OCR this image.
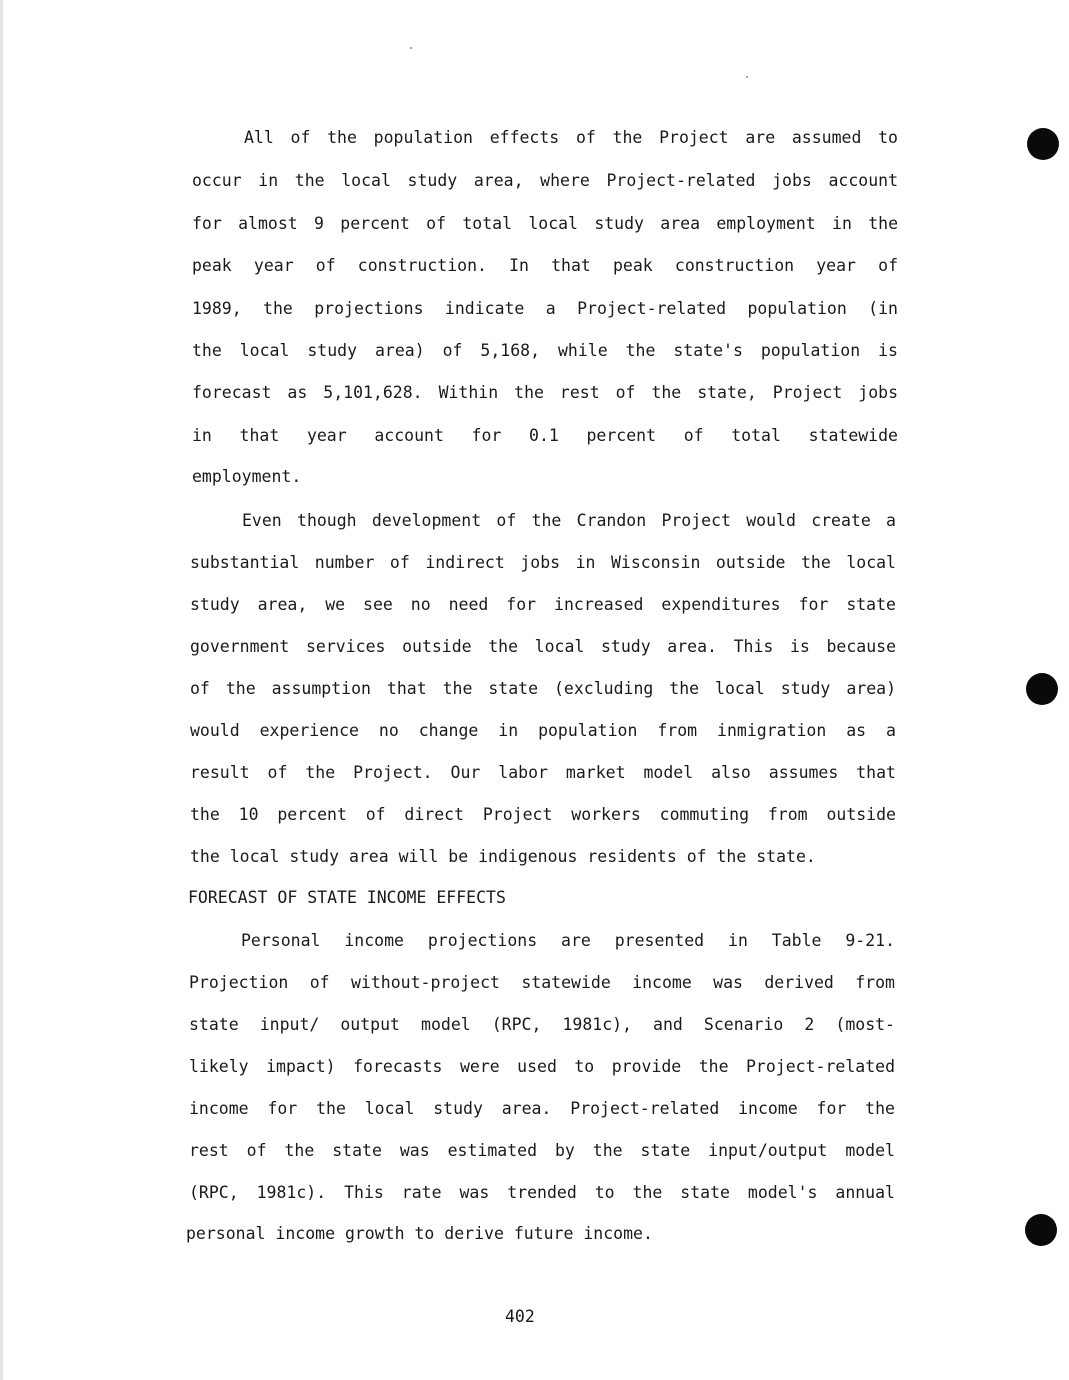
All of the population effects of the Project are assumed to
occur in the local study area, where Project-related jobs account
for almost 9 percent of total local study area employment in the
peak year of construction. In that peak construction year of
1989, the projections indicate a Project-related population (in
the local study area) of 5,168, while the state's population is
forecast as 5,101,628. Within the rest of the state, Project jobs
in that year account for 0.1 percent of total statewide
employment.
Even though development of the Crandon Project would create a
substantial number of indirect jobs in Wisconsin outside the local
study area, we see no need for increased expenditures for state
government services outside the local study area. This is because
of the assumption that the state (excluding the local study area)
would experience no change in population from inmigration as a
result of the Project. Our labor market model also assumes that
the 10 percent of direct Project workers commuting from outside
the local study area will be indigenous residents of the state.
FORECAST OF STATE INCOME EFFECTS
Personal income projections are presented in Table 9-21.
Projection of without-project statewide income was derived from
state input/ output model (RPC, 1981c), and Scenario 2 (most-
likely impact) forecasts were used to provide the Project-related
income for the local study area. Project-related income for the
rest of the state was estimated by the state input/output model
(RPC, 1981c). This rate was trended to the state model's annual
personal income growth to derive future income.
402
